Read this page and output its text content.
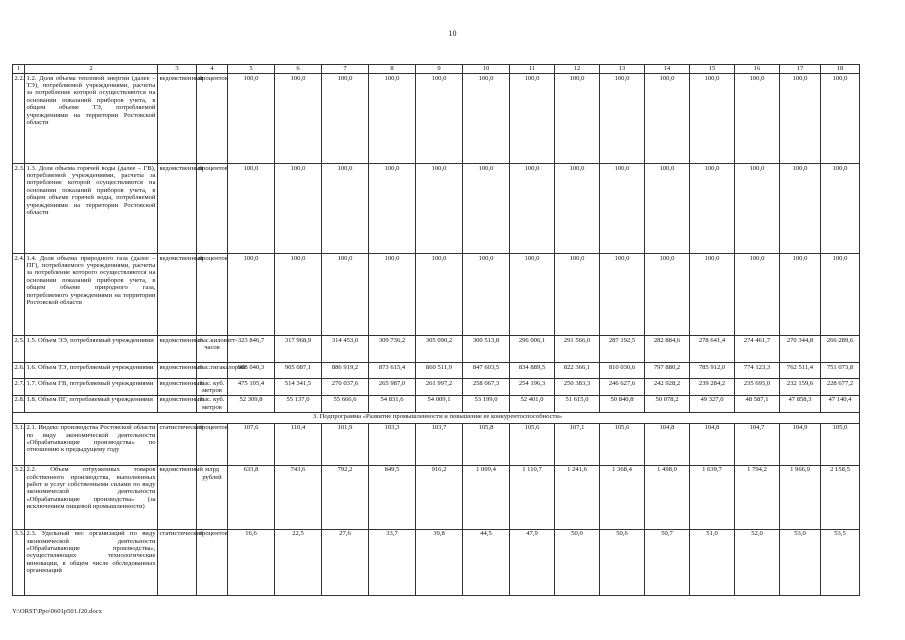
10
1	2	3	4	5	6	7	8	9	10	11	12	13	14	15	16	17	18
2.2.	1.2. Доля объема тепловой энергии (далее – ТЭ), потребляемой учреждениями, расчеты за потребление которой осуществляются на основании показаний приборов учета, в общем объеме ТЭ, потребляемой учреждениями на территории Ростовской области	ведомственный	процентов	100,0	100,0	100,0	100,0	100,0	100,0	100,0	100,0	100,0	100,0	100,0	100,0	100,0	100,0
2.3.	1.3. Доля объема горячей воды (далее – ГВ), потребляемой учреждениями, расчеты за потребление которой осуществляются на основании показаний приборов учета, в общем объеме горячей воды, потребляемой учреждениями на территории Ростовской области	ведомственный	процентов	100,0	100,0	100,0	100,0	100,0	100,0	100,0	100,0	100,0	100,0	100,0	100,0	100,0	100,0
2.4.	1.4. Доля объема природного газа (далее – ПГ), потребляемого учреждениями, расчеты за потребление которого осуществляются на основании показаний приборов учета, в общем объеме природного газа, потребляемого учреждениями на территории Ростовской области	ведомственный	процентов	100,0	100,0	100,0	100,0	100,0	100,0	100,0	100,0	100,0	100,0	100,0	100,0	100,0	100,0
2.5.	1.5. Объем ЭЭ, потребляемый учреждениями	ведомственный	тыс.киловатт-часов	323 846,7	317 968,9	314 453,0	309 736,2	305 090,2	300 513,8	296 006,1	291 566,0	287 192,5	282 884,6	278 641,4	274 461,7	270 344,8	266 289,6
2.6.	1.6. Объем ТЭ, потребляемый учреждениями	ведомственный	тыс.гигакалорий	908 040,3	905 087,1	886 919,2	873 615,4	860 511,9	847 603,5	834 889,5	822 366,1	810 030,6	797 880,2	785 912,0	774 123,3	762 511,4	751 073,8
2.7.	1.7. Объем ГВ, потребляемый учреждениями	ведомственный	тыс. куб. метров	475 105,4	514 341,5	270 037,6	265 987,0	261 997,2	258 067,3	254 196,3	250 383,3	246 627,6	242 928,2	239 284,2	235 695,0	232 159,6	228 677,2
2.8.	1.8. Объем ПГ, потребляемый учреждениями	ведомственный	тыс. куб. метров	52 309,8	55 137,0	55 666,6	54 831,6	54 009,1	53 199,0	52 401,0	51 615,0	50 840,8	50 078,2	49 327,0	48 587,1	47 858,3	47 140,4
3. Подпрограмма «Развитие промышленности и повышение ее конкурентоспособности»																	
3.1.	2.1. Индекс производства Ростовской области по виду экономической деятельности «Обрабатывающие производства» по отношению к предыдущему году	статистический	процентов	107,6	110,4	101,9	103,3	103,7	105,8	105,6	107,1	105,6	104,8	104,8	104,7	104,9	105,0
3.2.	2.2. Объем отгруженных товаров собственного производства, выполненных работ и услуг собственными силами по виду экономической деятельности «Обрабатывающие производства» (за исключением пищевой промышленности)	ведомственный	млрд рублей	633,8	743,6	792,2	849,5	916,2	1 009,4	1 110,7	1 241,6	1 368,4	1 498,0	1 639,7	1 794,2	1 966,9	2 158,5
3.3.	2.3. Удельный вес организаций по виду экономической деятельности «Обрабатывающие производства», осуществляющих технологические инновации, в общем числе обследованных организаций	статистический	процентов	16,6	22,5	27,6	33,7	39,8	44,5	47,9	50,0	50,6	50,7	51,0	52,0	53,0	53,5
Y:\ORST\Ppo\0601p501.f20.docx
